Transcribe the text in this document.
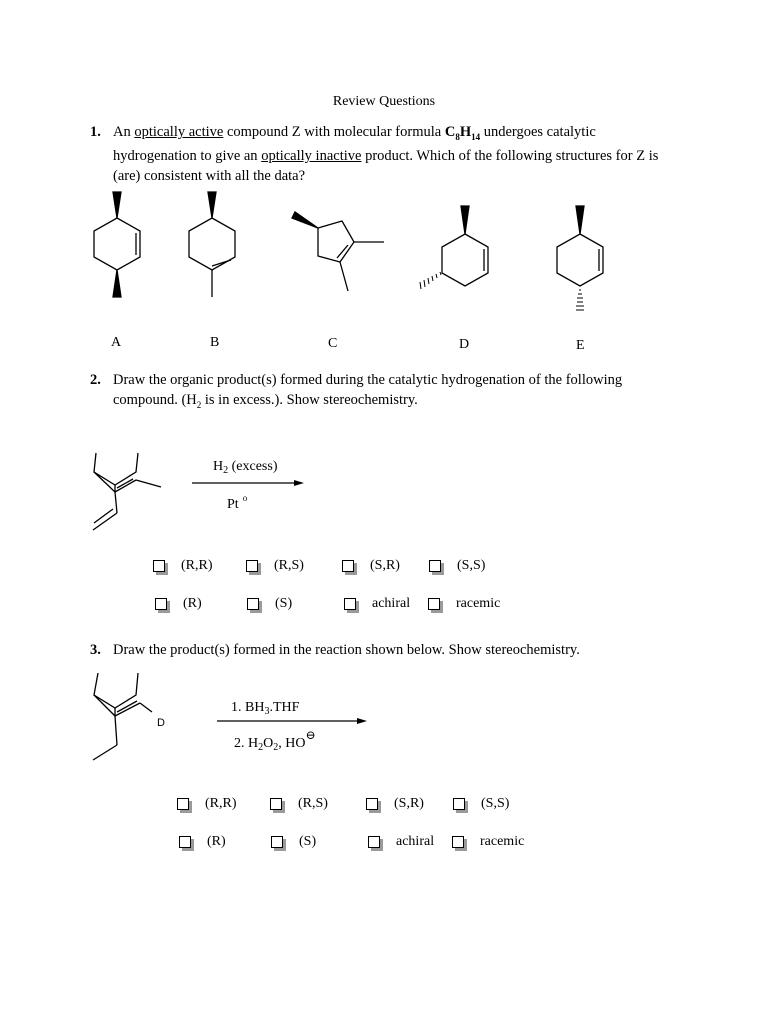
Review Questions
1. An optically active compound Z with molecular formula $C_8H_{14}$ undergoes catalytic hydrogenation to give an optically inactive product. Which of the following structures for Z is (are) consistent with all the data?
A	B	C	D	E
2. Draw the organic product(s) formed during the catalytic hydrogenation of the following compound. ($H_2$ is in excess.). Show stereochemistry.
$H_2$ (excess)
Pt $^o$
(R,R)	(R,S)	(S,R)	(S,S)
(R)	(S)	achiral	racemic
3. Draw the product(s) formed in the reaction shown below. Show stereochemistry.
D
1. $BH_3.THF$
2. $H_2O_2$, HO⊖
(R,R)	(R,S)	(S,R)	(S,S)
(R)	(S)	achiral	racemic
